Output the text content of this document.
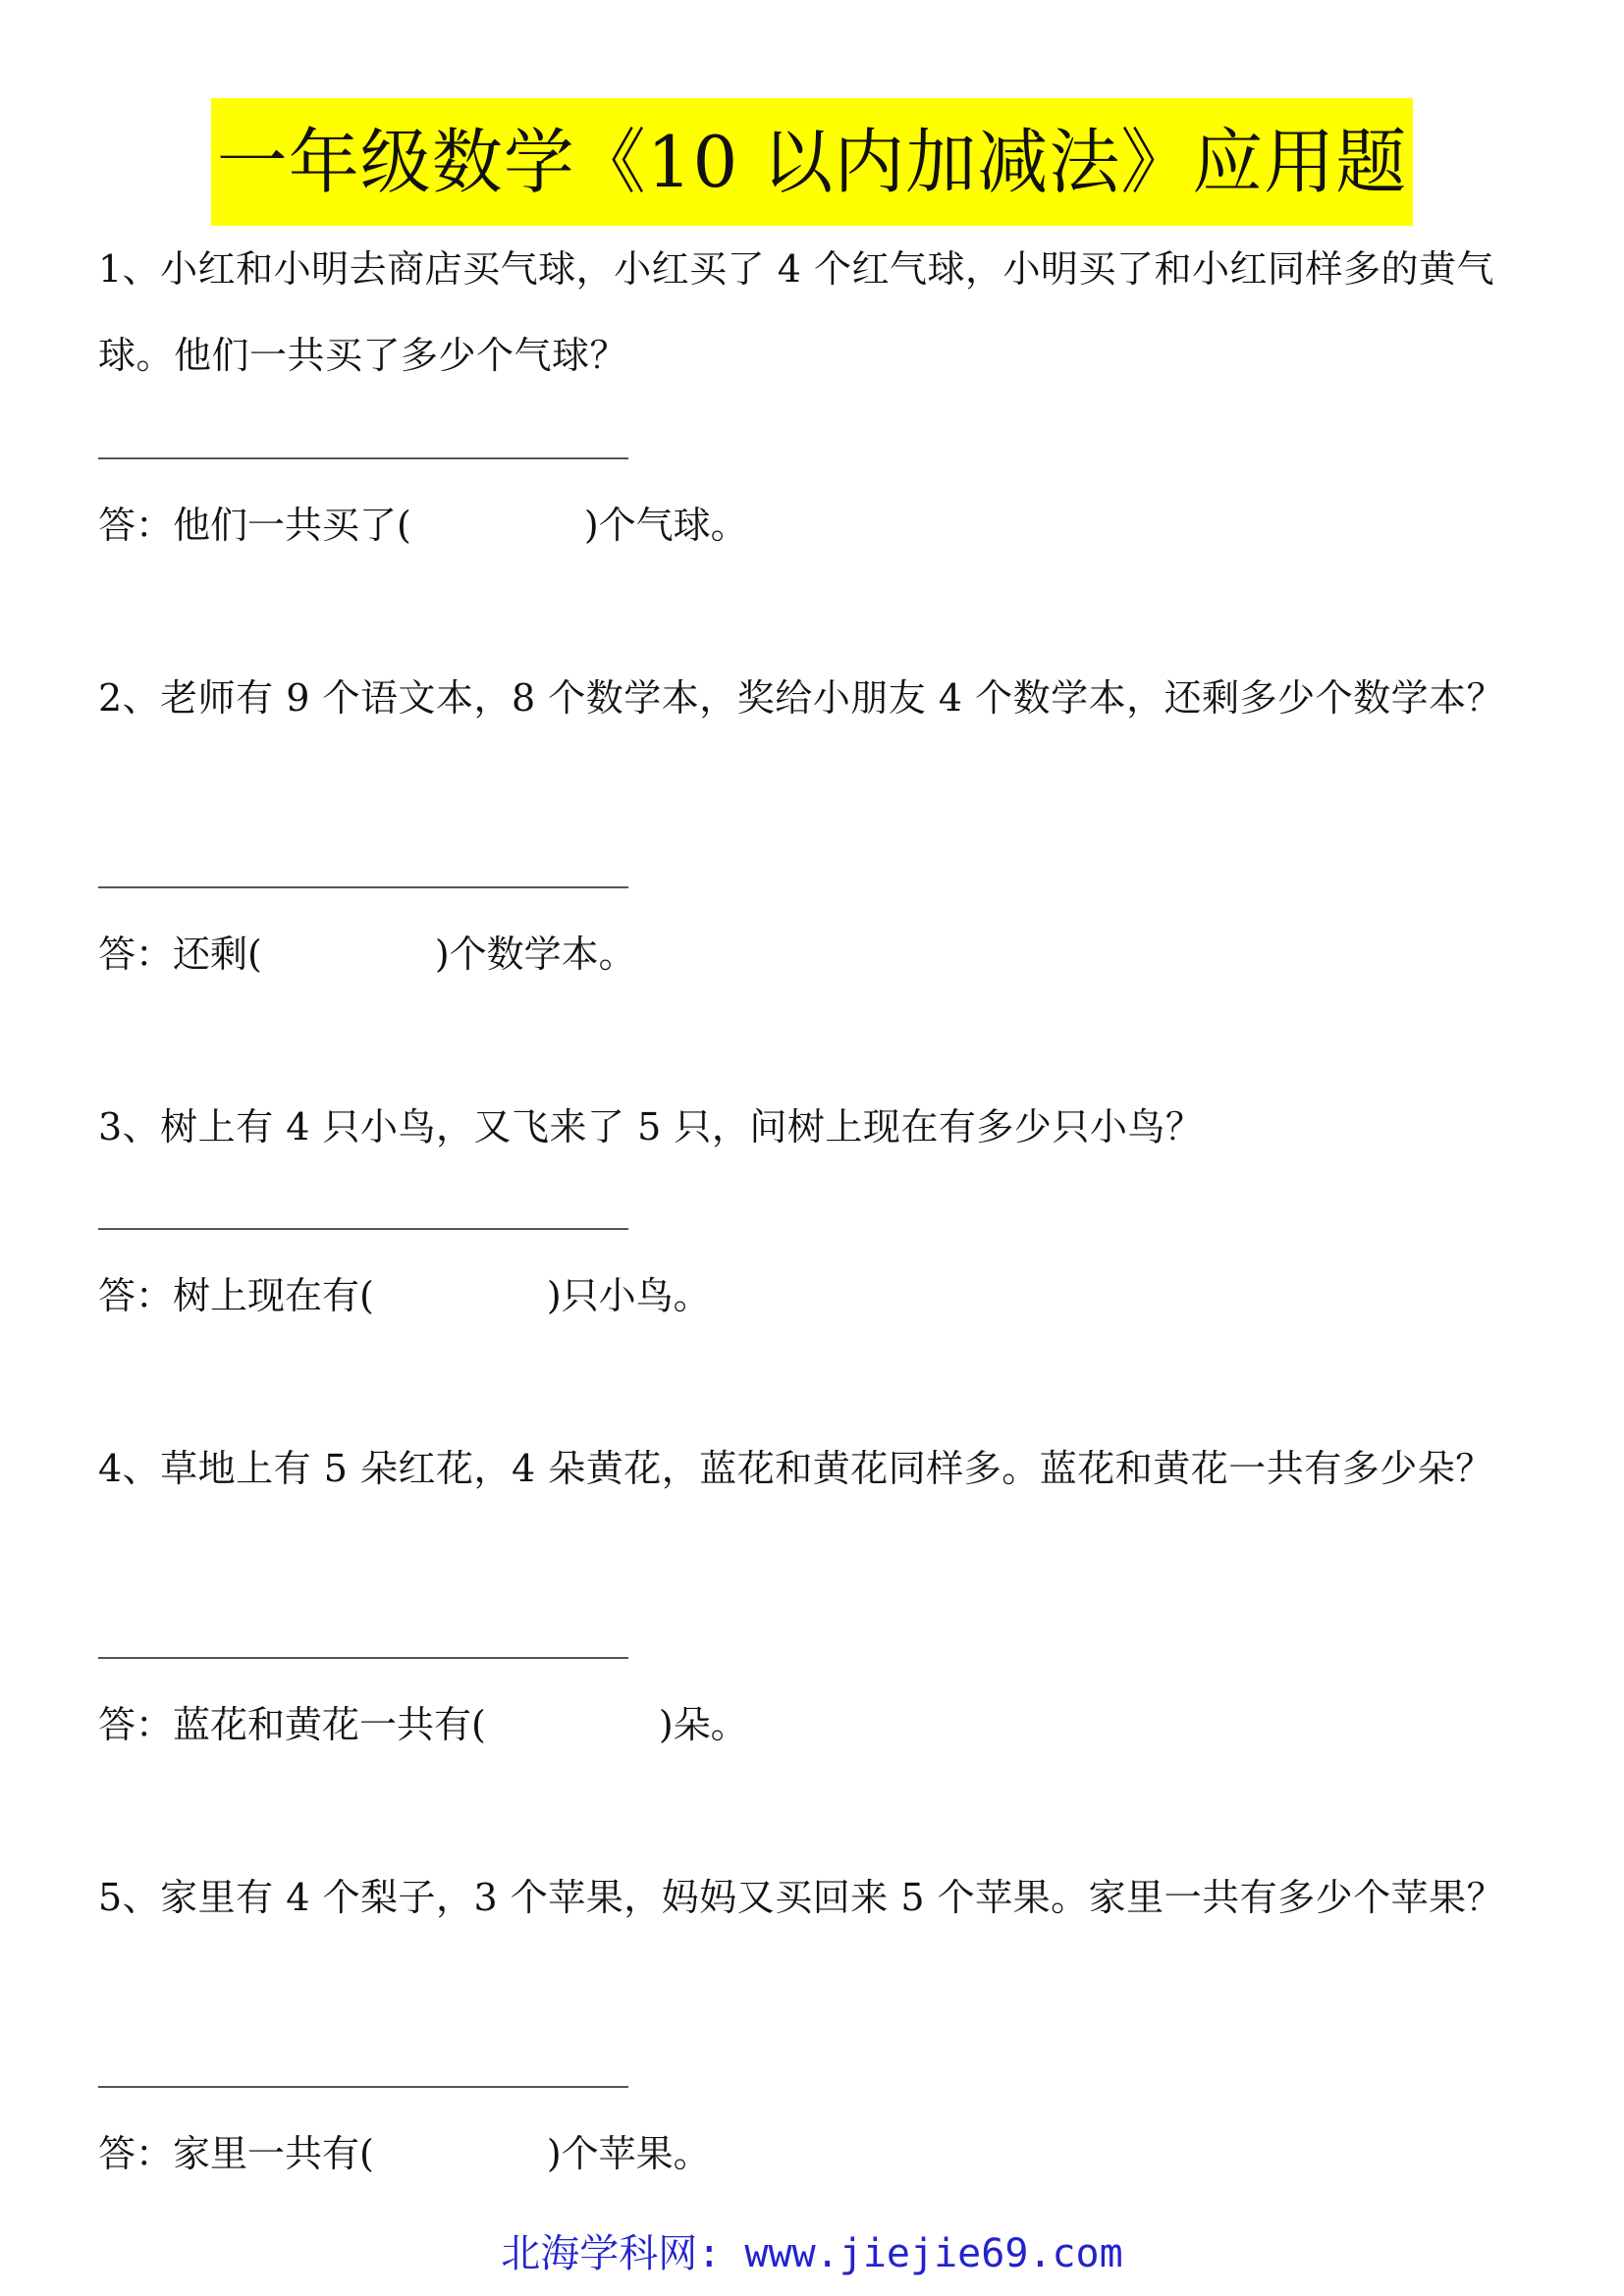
一年级数学《10 以内加减法》应用题
1、小红和小明去商店买气球，小红买了 4 个红气球，小明买了和小红同样多的黄气球。他们一共买了多少个气球？
答：他们一共买了(	)个气球。
2、老师有 9 个语文本，8 个数学本，奖给小朋友 4 个数学本，还剩多少个数学本？
答：还剩(	)个数学本。
3、树上有 4 只小鸟，又飞来了 5 只，问树上现在有多少只小鸟？
答：树上现在有(	)只小鸟。
4、草地上有 5 朵红花，4 朵黄花，蓝花和黄花同样多。蓝花和黄花一共有多少朵？
答：蓝花和黄花一共有(	)朵。
5、家里有 4 个梨子，3 个苹果，妈妈又买回来 5 个苹果。家里一共有多少个苹果？
答：家里一共有(	)个苹果。
北海学科网: www.jiejie69.com
